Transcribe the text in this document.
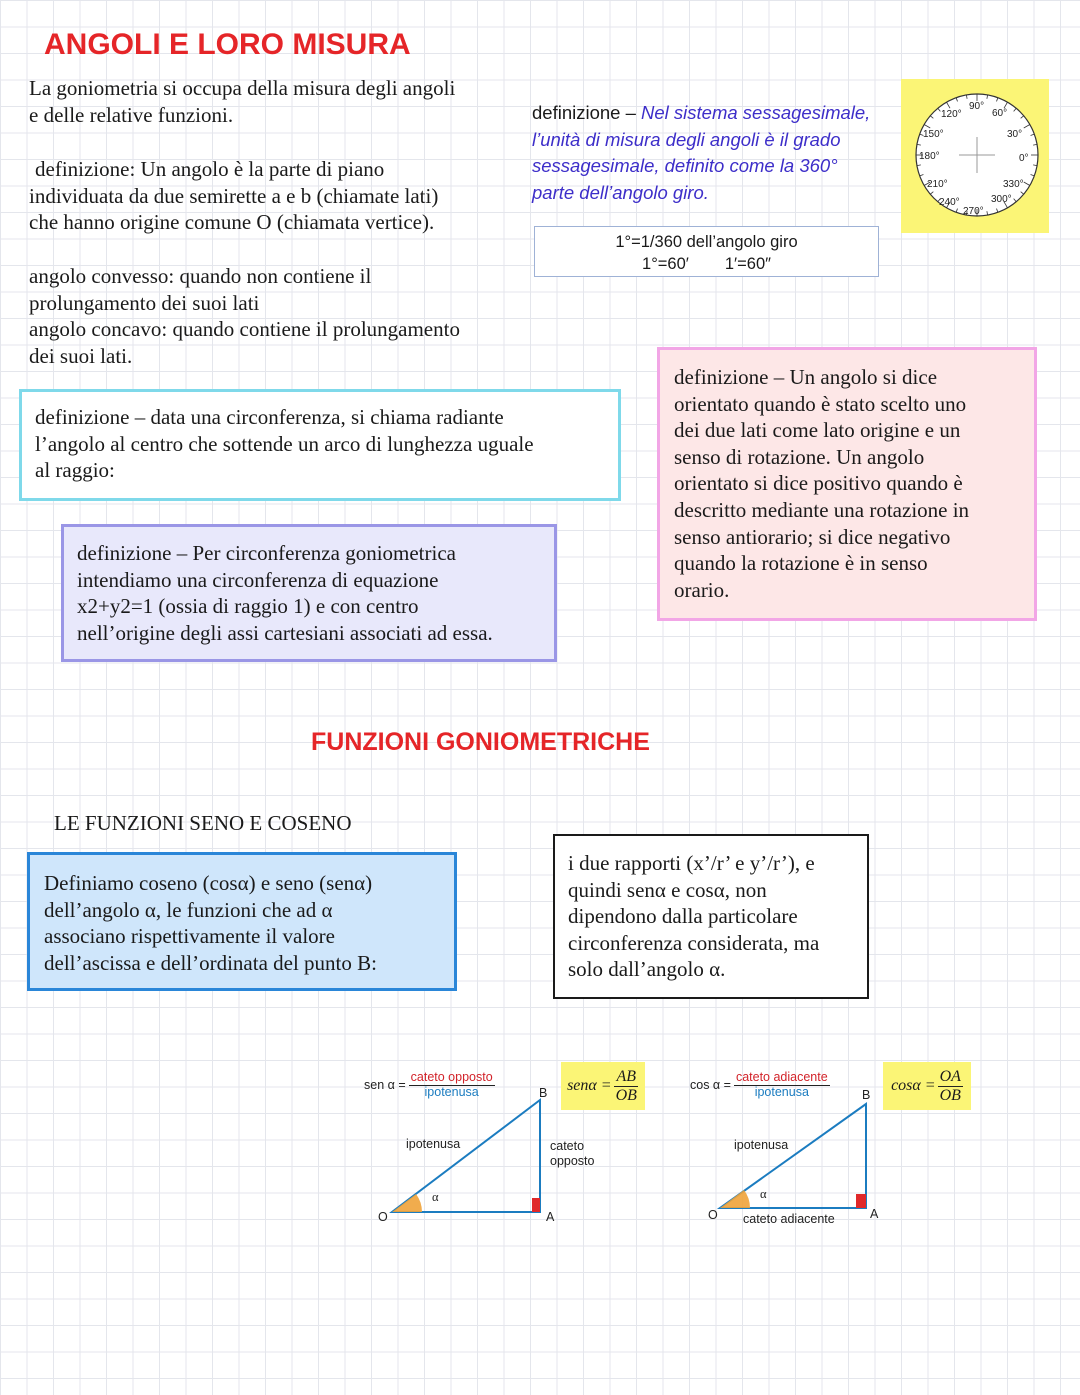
ANGOLI E LORO MISURA
La goniometria si occupa della misura degli angoli
e delle relative funzioni.
definizione: Un angolo è la parte di piano
individuata da due semirette a e b (chiamate lati)
che hanno origine comune O (chiamata vertice).
angolo convesso: quando non contiene il
prolungamento dei suoi lati
angolo concavo: quando contiene il prolungamento
dei suoi lati.
definizione – Nel sistema sessagesimale,
l’unità di misura degli angoli è il grado
sessagesimale, definito come la 360°
parte dell’angolo giro.
120°
90°
60°
150°	30°
180°	0°
210°	330°
240°
270°
300°
1°=1/360 dell’angolo giro
1°=60′ 1′=60″
definizione – Un angolo si dice
orientato quando è stato scelto uno
dei due lati come lato origine e un
senso di rotazione. Un angolo
orientato si dice positivo quando è
descritto mediante una rotazione in
senso antiorario; si dice negativo
quando la rotazione è in senso
orario.
definizione – data una circonferenza, si chiama radiante
l’angolo al centro che sottende un arco di lunghezza uguale
al raggio:
definizione – Per circonferenza goniometrica
intendiamo una circonferenza di equazione
x2+y2=1 (ossia di raggio 1) e con centro
nell’origine degli assi cartesiani associati ad essa.
FUNZIONI GONIOMETRICHE
LE FUNZIONI SENO E COSENO
Definiamo coseno (cosα) e seno (senα)
dell’angolo α, le funzioni che ad α
associano rispettivamente il valore
dell’ascissa e dell’ordinata del punto B:
i due rapporti (x’/r’ e y’/r’), e
quindi senα e cosα, non
dipendono dalla particolare
circonferenza considerata, ma
solo dall’angolo α.
sen $\alpha = \frac{\text{cateto opposto}}{\text{ipotenusa}}$
ipotenusa
α
O	A
B
cateto
opposto
$sen\alpha = \frac{AB}{OB}$	$\cos \alpha = \frac{\text{cateto adiacente}}{\text{ipotenusa}}$
ipotenusa
α
O	A
B
cateto adiacente
$\cos\alpha = \frac{OA}{OB}$
